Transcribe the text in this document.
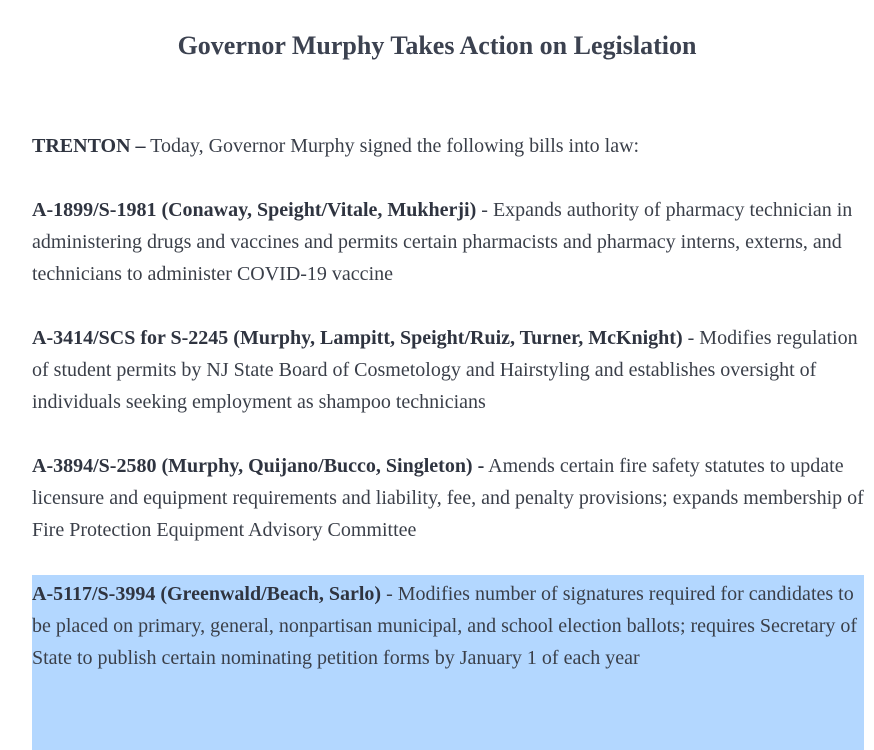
Governor Murphy Takes Action on Legislation
TRENTON – Today, Governor Murphy signed the following bills into law:
A-1899/S-1981 (Conaway, Speight/Vitale, Mukherji) - Expands authority of pharmacy technician in administering drugs and vaccines and permits certain pharmacists and pharmacy interns, externs, and technicians to administer COVID-19 vaccine
A-3414/SCS for S-2245 (Murphy, Lampitt, Speight/Ruiz, Turner, McKnight) - Modifies regulation of student permits by NJ State Board of Cosmetology and Hairstyling and establishes oversight of individuals seeking employment as shampoo technicians
A-3894/S-2580 (Murphy, Quijano/Bucco, Singleton) - Amends certain fire safety statutes to update licensure and equipment requirements and liability, fee, and penalty provisions; expands membership of Fire Protection Equipment Advisory Committee
A-5117/S-3994 (Greenwald/Beach, Sarlo) - Modifies number of signatures required for candidates to be placed on primary, general, nonpartisan municipal, and school election ballots; requires Secretary of State to publish certain nominating petition forms by January 1 of each year
